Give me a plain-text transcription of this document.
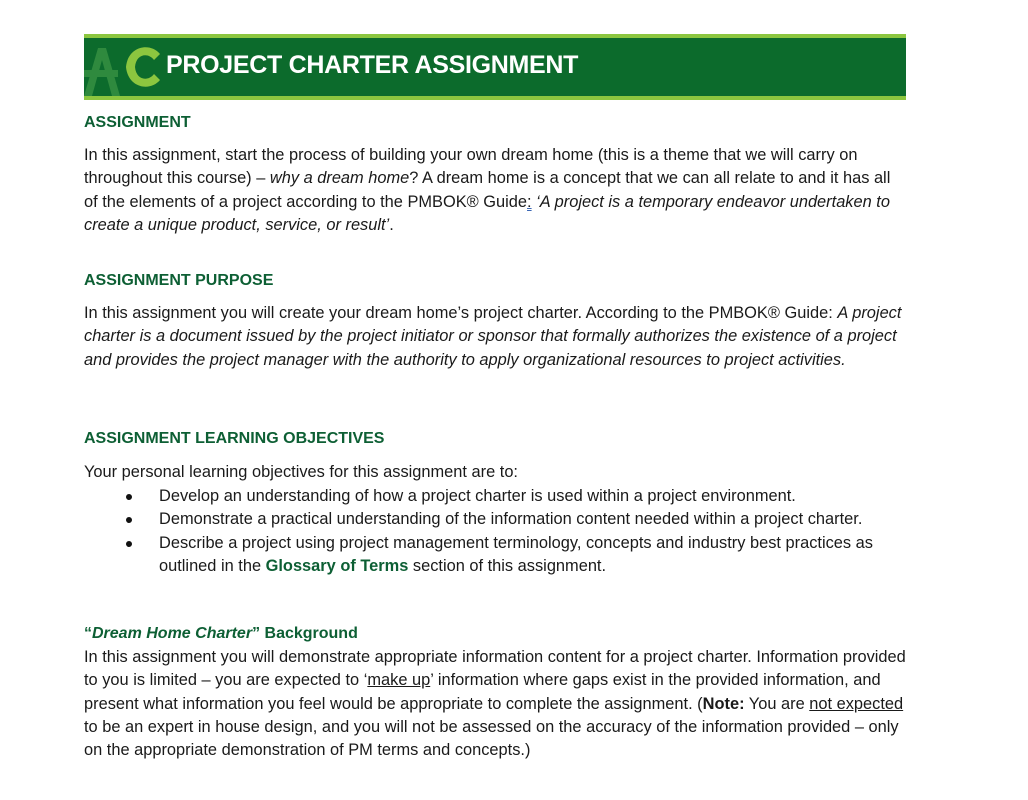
PROJECT CHARTER ASSIGNMENT
ASSIGNMENT

In this assignment, start the process of building your own dream home (this is a theme that we will carry on throughout this course) – why a dream home? A dream home is a concept that we can all relate to and it has all of the elements of a project according to the PMBOK® Guide: ‘A project is a temporary endeavor undertaken to create a unique product, service, or result’.

ASSIGNMENT PURPOSE

In this assignment you will create your dream home’s project charter. According to the PMBOK® Guide: A project charter is a document issued by the project initiator or sponsor that formally authorizes the existence of a project and provides the project manager with the authority to apply organizational resources to project activities.

ASSIGNMENT LEARNING OBJECTIVES

Your personal learning objectives for this assignment are to:

Develop an understanding of how a project charter is used within a project environment.
Demonstrate a practical understanding of the information content needed within a project charter.
Describe a project using project management terminology, concepts and industry best practices as outlined in the Glossary of Terms section of this assignment.
“Dream Home Charter” Background

In this assignment you will demonstrate appropriate information content for a project charter. Information provided to you is limited – you are expected to ‘make up’ information where gaps exist in the provided information, and present what information you feel would be appropriate to complete the assignment. (Note: You are not expected to be an expert in house design, and you will not be assessed on the accuracy of the information provided – only on the appropriate demonstration of PM terms and concepts.)
